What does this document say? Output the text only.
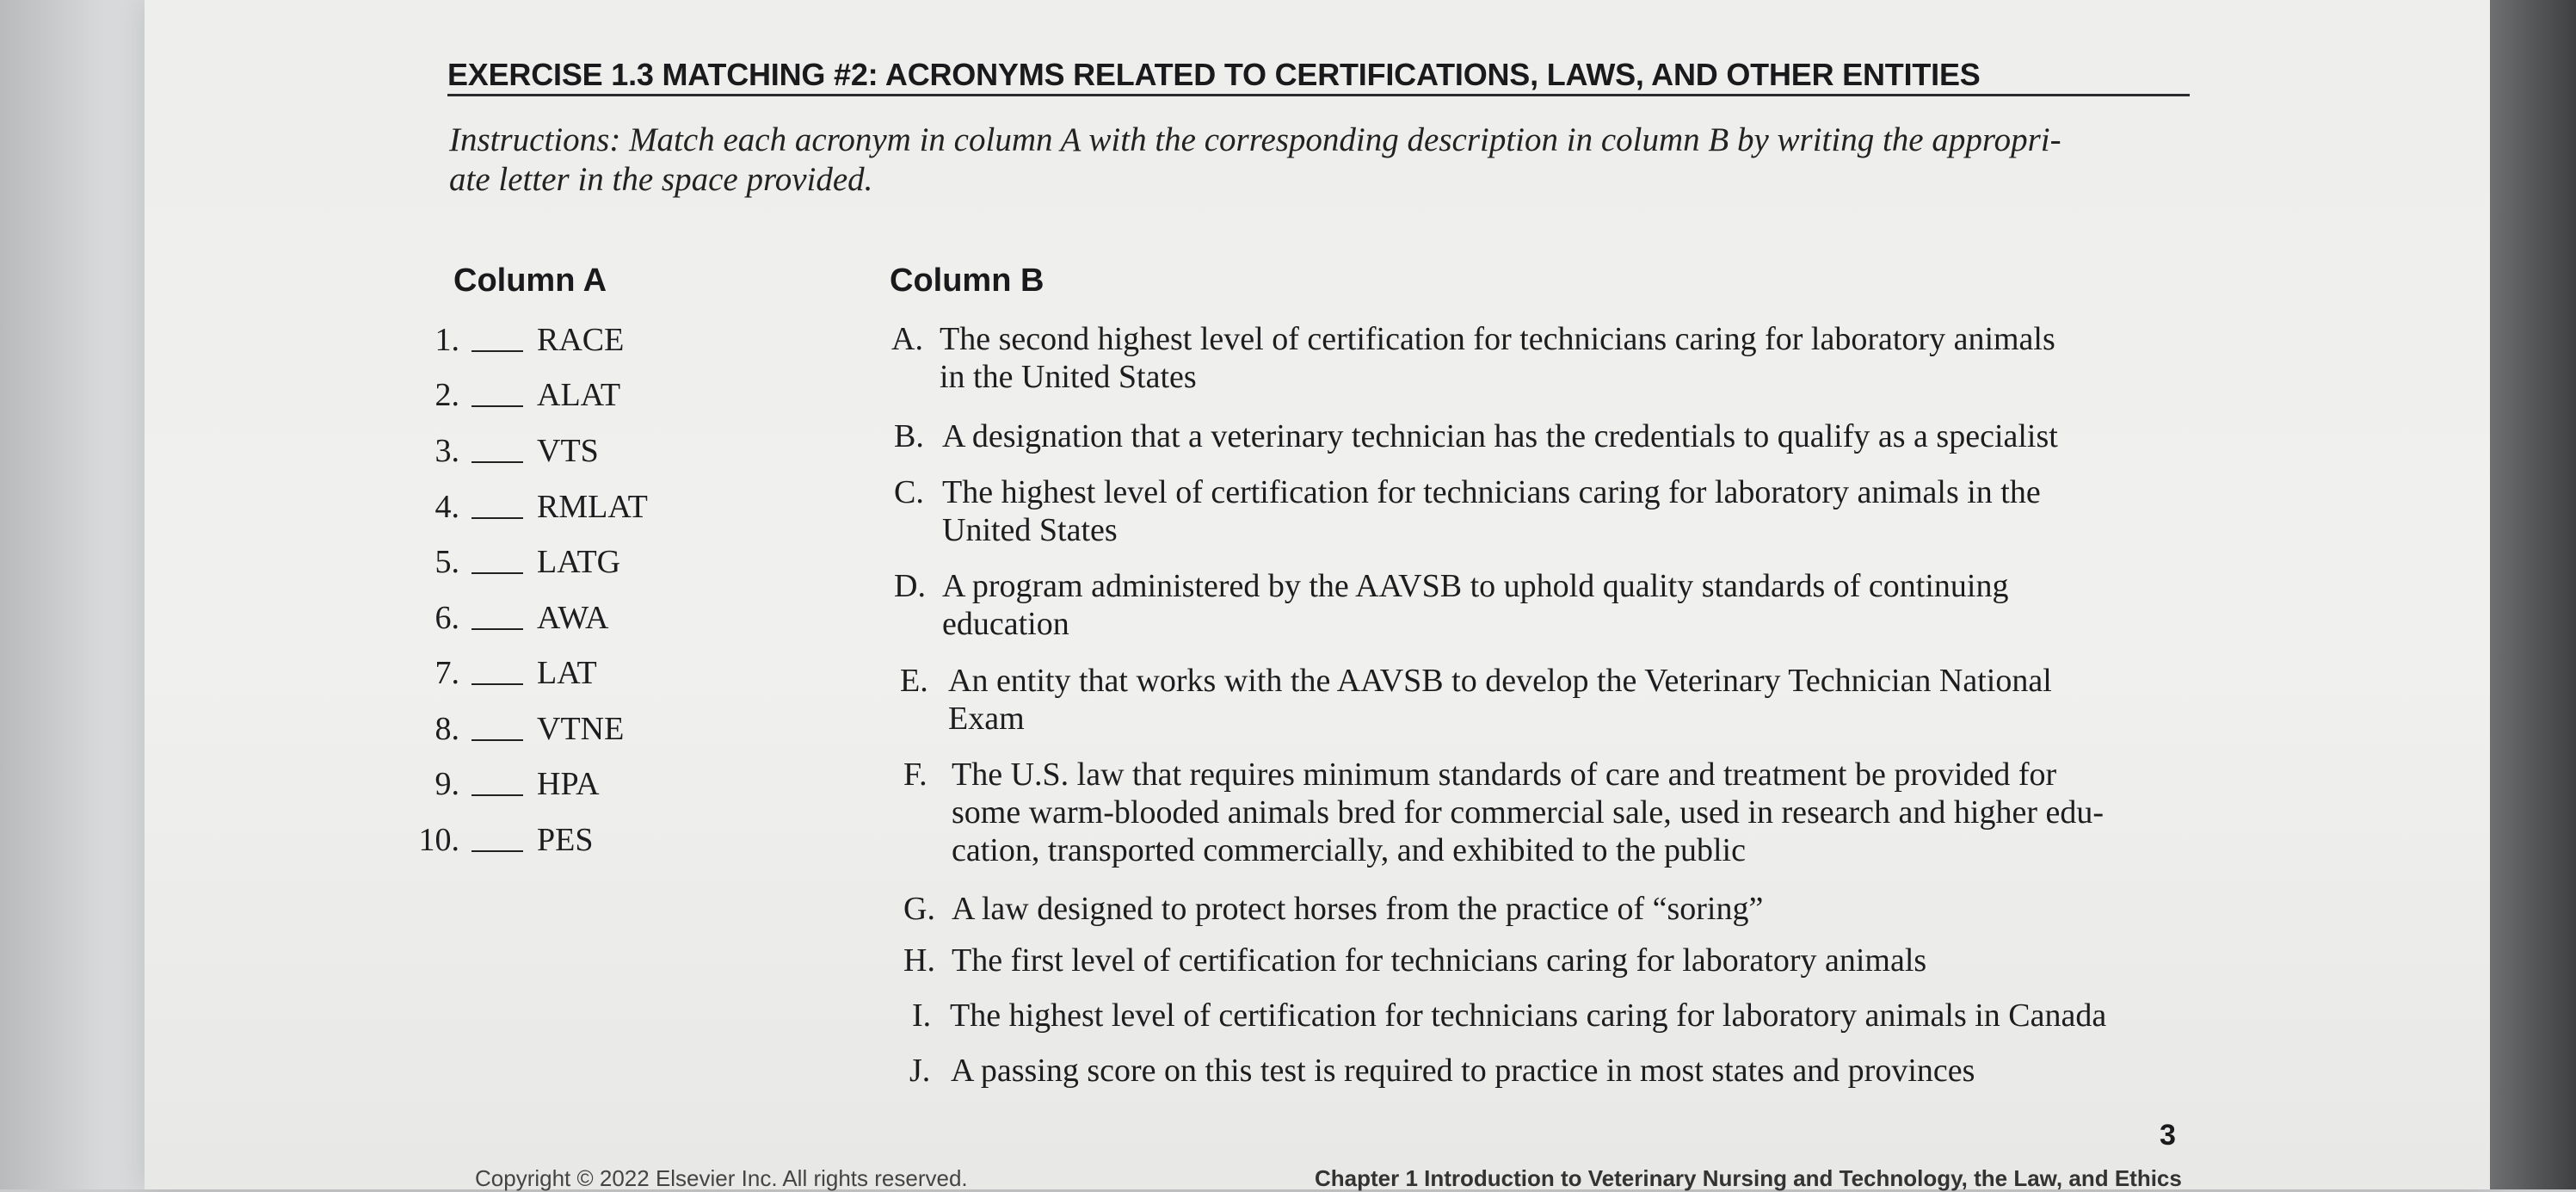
EXERCISE 1.3 MATCHING #2: ACRONYMS RELATED TO CERTIFICATIONS, LAWS, AND OTHER ENTITIES
Instructions: Match each acronym in column A with the corresponding description in column B by writing the appropri-
ate letter in the space provided.
Column A	Column B
1. RACE
2. ALAT
3. VTS
4. RMLAT
5. LATG
6. AWA
7. LAT
8. VTNE
9. HPA
10. PES
A. The second highest level of certification for technicians caring for laboratory animals
in the United States
B. A designation that a veterinary technician has the credentials to qualify as a specialist
C. The highest level of certification for technicians caring for laboratory animals in the
United States
D. A program administered by the AAVSB to uphold quality standards of continuing
education
E. An entity that works with the AAVSB to develop the Veterinary Technician National
Exam
F. The U.S. law that requires minimum standards of care and treatment be provided for
some warm-blooded animals bred for commercial sale, used in research and higher edu-
cation, transported commercially, and exhibited to the public
G. A law designed to protect horses from the practice of “soring”
H. The first level of certification for technicians caring for laboratory animals
I. The highest level of certification for technicians caring for laboratory animals in Canada
J. A passing score on this test is required to practice in most states and provinces
3
Copyright © 2022 Elsevier Inc. All rights reserved.	Chapter 1 Introduction to Veterinary Nursing and Technology, the Law, and Ethics
